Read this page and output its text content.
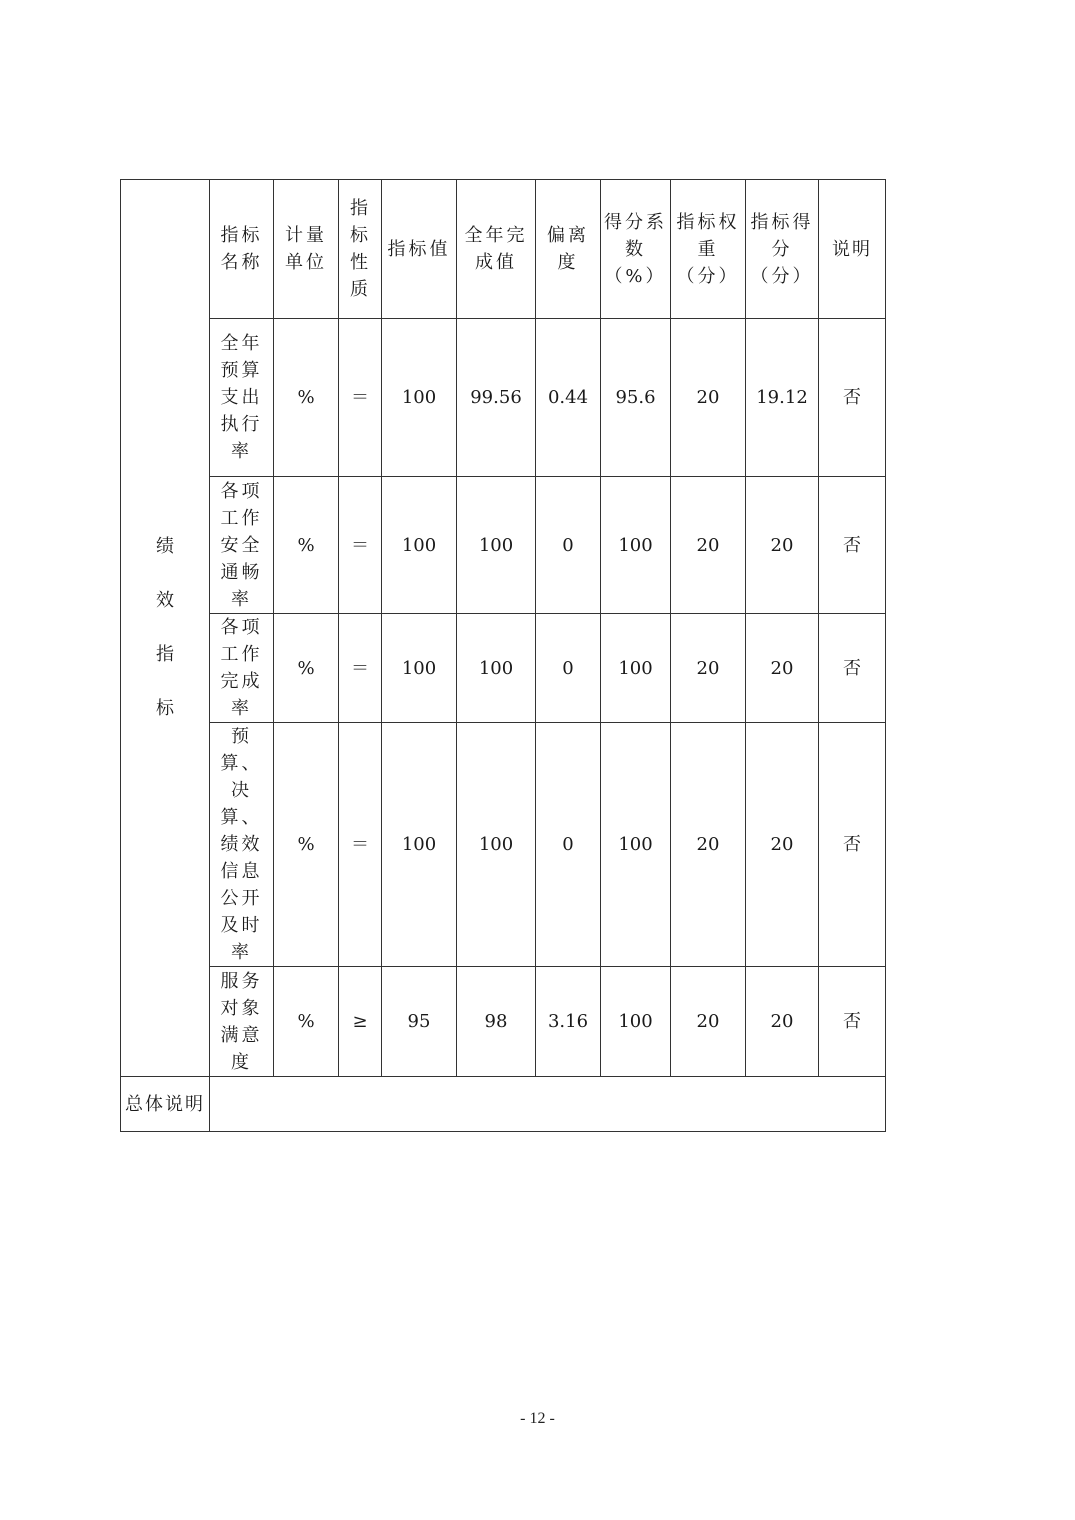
绩效指标	指标名称	计量单位	指标性质	指标值	全年完成值	偏离度	得分系数（%）	指标权重（分）	指标得分（分）	说明
	全年预算支出执行率	%	＝	100	99.56	0.44	95.6	20	19.12	否
	各项工作安全通畅率	%	＝	100	100	0	100	20	20	否
	各项工作完成率	%	＝	100	100	0	100	20	20	否
	预算、决算、绩效信息公开及时率	%	＝	100	100	0	100	20	20	否
	服务对象满意度	%	≥	95	98	3.16	100	20	20	否
总体说明										
- 12 -
